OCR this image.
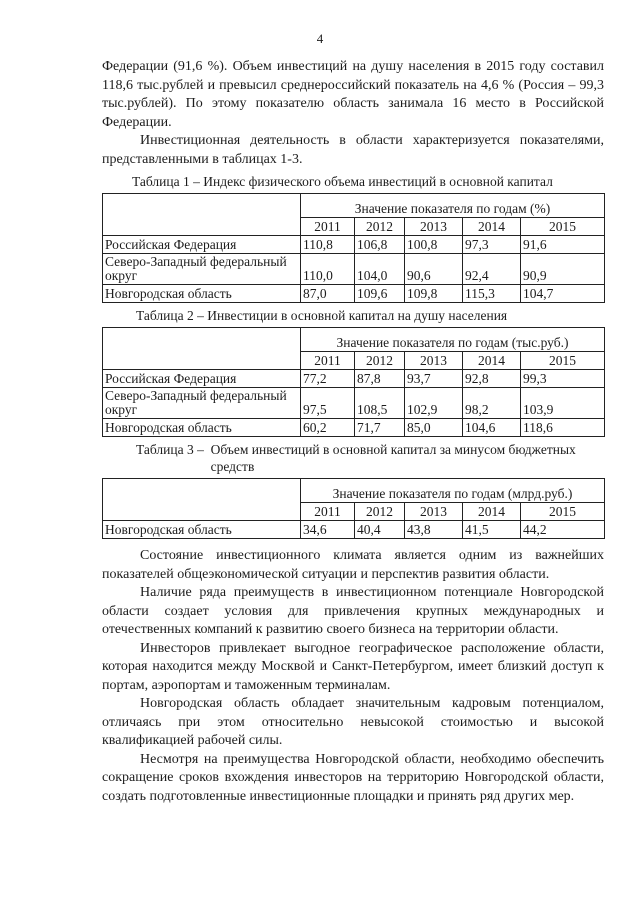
4

Федерации (91,6 %). Объем инвестиций на душу населения в 2015 году составил 118,6 тыс.рублей и превысил среднероссийский показатель на 4,6 % (Россия – 99,3 тыс.рублей). По этому показателю область занимала 16 место в Российской Федерации.

Инвестиционная деятельность в области характеризуется показателями, представленными в таблицах 1-3.

Таблица 1 – Индекс физического объема инвестиций в основной капитал
	Значение показателя по годам (%)				
	2011	2012	2013	2014	2015
Российская Федерация	110,8	106,8	100,8	97,3	91,6
Северо-Западный федеральный округ	110,0	104,0	90,6	92,4	90,9
Новгородская область	87,0	109,6	109,8	115,3	104,7
Таблица 2 – Инвестиции в основной капитал на душу населения
	Значение показателя по годам (тыс.руб.)				
	2011	2012	2013	2014	2015
Российская Федерация	77,2	87,8	93,7	92,8	99,3
Северо-Западный федеральный округ	97,5	108,5	102,9	98,2	103,9
Новгородская область	60,2	71,7	85,0	104,6	118,6
Таблица 3 – Объем инвестиций в основной капитал за минусом бюджетных средств
	Значение показателя по годам (млрд.руб.)				
	2011	2012	2013	2014	2015
Новгородская область	34,6	40,4	43,8	41,5	44,2

Состояние инвестиционного климата является одним из важнейших показателей общеэкономической ситуации и перспектив развития области.

Наличие ряда преимуществ в инвестиционном потенциале Новгородской области создает условия для привлечения крупных международных и отечественных компаний к развитию своего бизнеса на территории области.

Инвесторов привлекает выгодное географическое расположение области, которая находится между Москвой и Санкт-Петербургом, имеет близкий доступ к портам, аэропортам и таможенным терминалам.

Новгородская область обладает значительным кадровым потенциалом, отличаясь при этом относительно невысокой стоимостью и высокой квалификацией рабочей силы.

Несмотря на преимущества Новгородской области, необходимо обеспечить сокращение сроков вхождения инвесторов на территорию Новгородской области, создать подготовленные инвестиционные площадки и принять ряд других мер.
